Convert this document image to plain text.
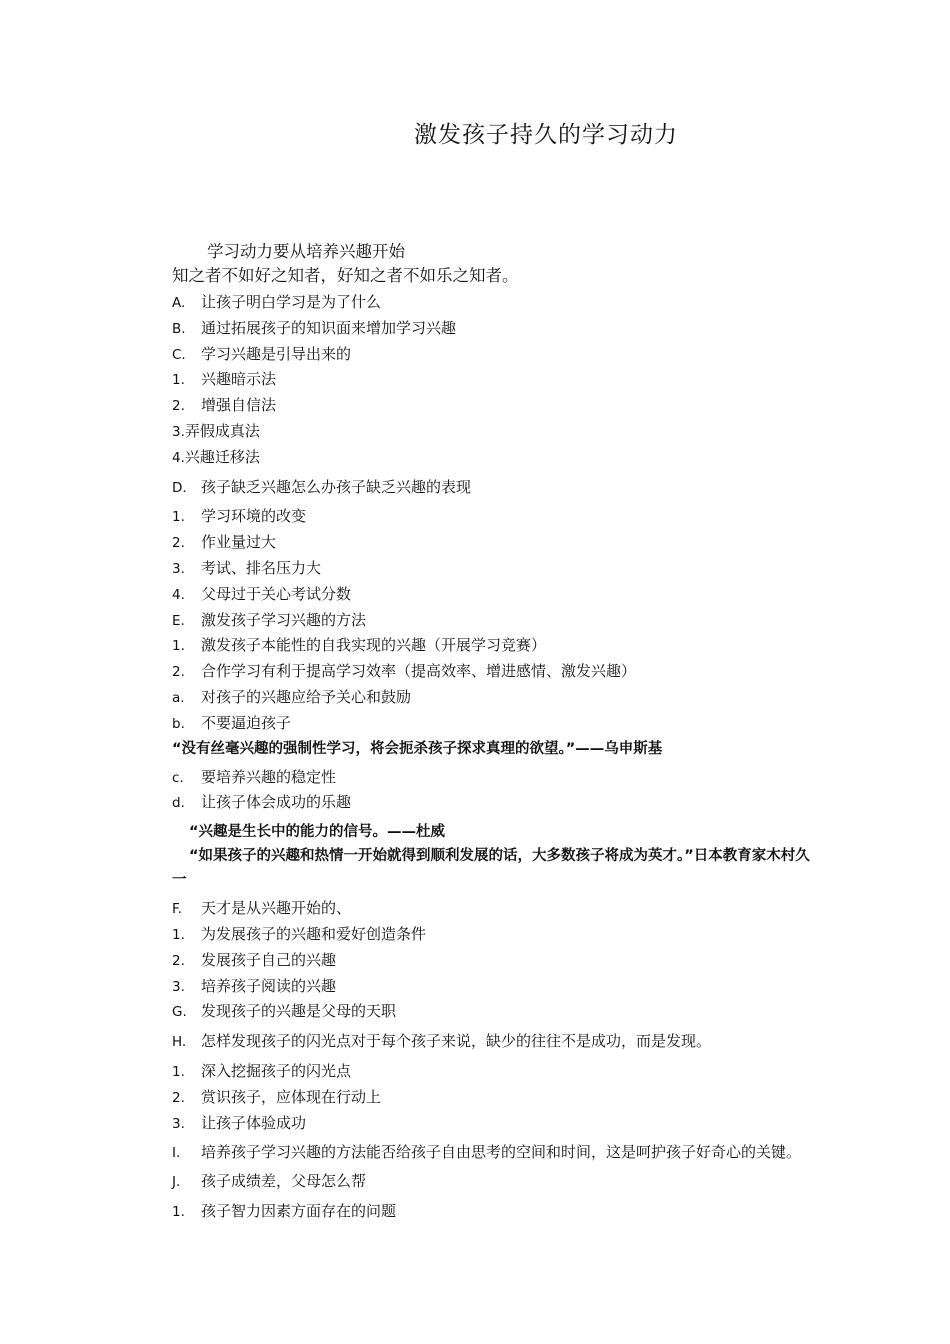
激发孩子持久的学习动力
学习动力要从培养兴趣开始
知之者不如好之知者，好知之者不如乐之知者。
A. 让孩子明白学习是为了什么
B. 通过拓展孩子的知识面来增加学习兴趣
C. 学习兴趣是引导出来的
1. 兴趣暗示法
2. 增强自信法
3.弄假成真法
4.兴趣迁移法
D. 孩子缺乏兴趣怎么办孩子缺乏兴趣的表现
1. 学习环境的改变
2. 作业量过大
3. 考试、排名压力大
4. 父母过于关心考试分数
E. 激发孩子学习兴趣的方法
1. 激发孩子本能性的自我实现的兴趣（开展学习竞赛）
2. 合作学习有利于提高学习效率（提高效率、增进感情、激发兴趣）
a. 对孩子的兴趣应给予关心和鼓励
b. 不要逼迫孩子
“没有丝毫兴趣的强制性学习，将会扼杀孩子探求真理的欲望。”——乌申斯基
c. 要培养兴趣的稳定性
d. 让孩子体会成功的乐趣
“兴趣是生长中的能力的信号。——杜威
“如果孩子的兴趣和热情一开始就得到顺利发展的话，大多数孩子将成为英才。”日本教育家木村久一
F. 天才是从兴趣开始的、
1. 为发展孩子的兴趣和爱好创造条件
2. 发展孩子自己的兴趣
3. 培养孩子阅读的兴趣
G. 发现孩子的兴趣是父母的天职
H. 怎样发现孩子的闪光点对于每个孩子来说，缺少的往往不是成功，而是发现。
1. 深入挖掘孩子的闪光点
2. 赏识孩子，应体现在行动上
3. 让孩子体验成功
I. 培养孩子学习兴趣的方法能否给孩子自由思考的空间和时间，这是呵护孩子好奇心的关键。
J. 孩子成绩差，父母怎么帮
1. 孩子智力因素方面存在的问题
